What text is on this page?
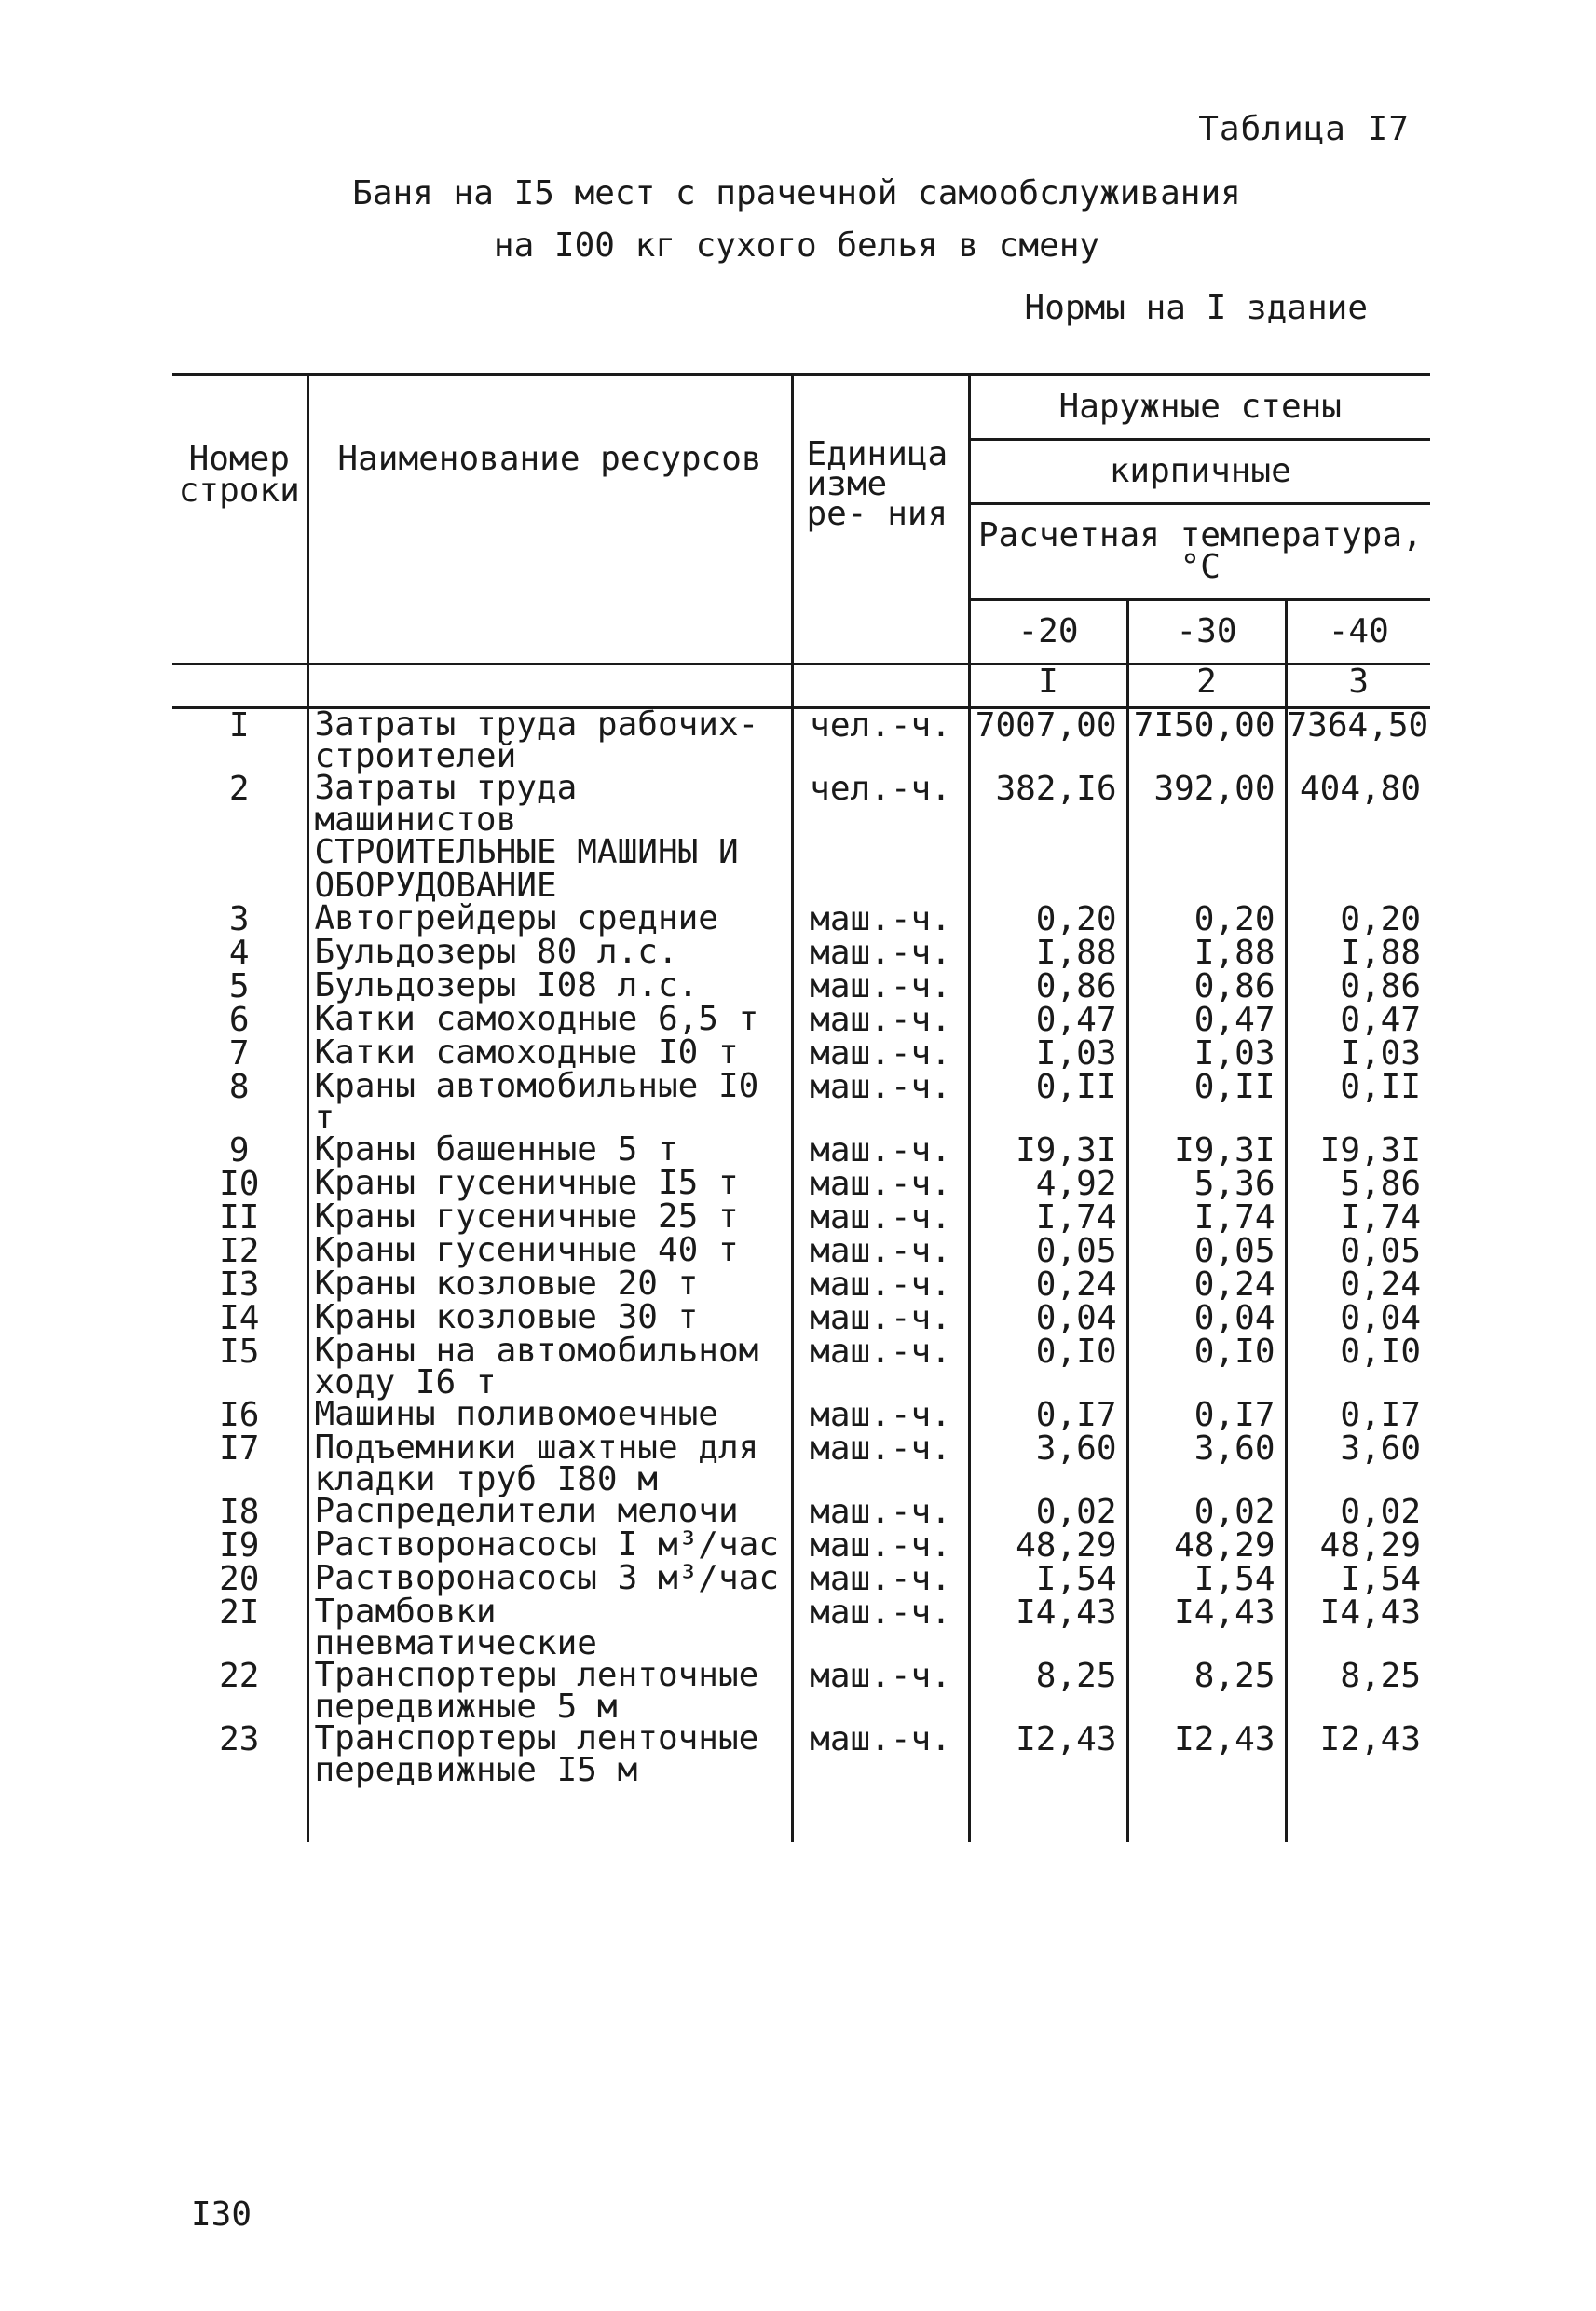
Таблица I7
Баня на I5 мест с прачечной самообслуживания
на I00 кг сухого белья в смену
Нормы на I здание
Номер строки	Наименование ресурсов	Единица изме ре- ния	Наружные стены		
			кирпичные		
			Расчетная температура, °С		
			-20	-30	-40
			I	2	3
I	Затраты труда рабочих-строителей	чел.-ч.	7007,00	7I50,00	7364,50
2	Затраты труда машинистов	чел.-ч.	382,I6	392,00	404,80
	СТРОИТЕЛЬНЫЕ МАШИНЫ И ОБОРУДОВАНИЕ				
3	Автогрейдеры средние	маш.-ч.	0,20	0,20	0,20
4	Бульдозеры 80 л.с.	маш.-ч.	I,88	I,88	I,88
5	Бульдозеры I08 л.с.	маш.-ч.	0,86	0,86	0,86
6	Катки самоходные 6,5 т	маш.-ч.	0,47	0,47	0,47
7	Катки самоходные I0 т	маш.-ч.	I,03	I,03	I,03
8	Краны автомобильные I0 т	маш.-ч.	0,II	0,II	0,II
9	Краны башенные 5 т	маш.-ч.	I9,3I	I9,3I	I9,3I
I0	Краны гусеничные I5 т	маш.-ч.	4,92	5,36	5,86
II	Краны гусеничные 25 т	маш.-ч.	I,74	I,74	I,74
I2	Краны гусеничные 40 т	маш.-ч.	0,05	0,05	0,05
I3	Краны козловые 20 т	маш.-ч.	0,24	0,24	0,24
I4	Краны козловые 30 т	маш.-ч.	0,04	0,04	0,04
I5	Краны на автомобильном ходу I6 т	маш.-ч.	0,I0	0,I0	0,I0
I6	Машины поливомоечные	маш.-ч.	0,I7	0,I7	0,I7
I7	Подъемники шахтные для кладки труб I80 м	маш.-ч.	3,60	3,60	3,60
I8	Распределители мелочи	маш.-ч.	0,02	0,02	0,02
I9	Растворонасосы I м³/час	маш.-ч.	48,29	48,29	48,29
20	Растворонасосы 3 м³/час	маш.-ч.	I,54	I,54	I,54
2I	Трамбовки пневматические	маш.-ч.	I4,43	I4,43	I4,43
22	Транспортеры ленточные передвижные 5 м	маш.-ч.	8,25	8,25	8,25
23	Транспортеры ленточные передвижные I5 м	маш.-ч.	I2,43	I2,43	I2,43

I30
